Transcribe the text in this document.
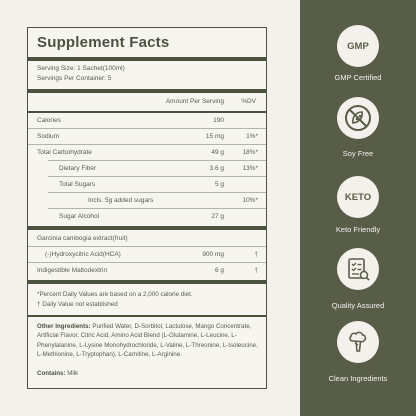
Supplement Facts
Serving Size: 1 Sachet(100ml)
Servings Per Container: 5
Amount Per Serving	%DV
Calories	190
Sodium	15 mg	1%*
Total Carbohydrate	49 g	18%*
Dietary Fiber	3.6 g	13%*
Total Sugars	5 g
Incls. 5g added sugars	10%*
Sugar Alcohol	27 g
Garcinia cambogia extract(fruit)
(-)Hydroxycitric Acid(HCA)	900 mg	†
Indigestible Maltodextrin	6 g	†
*Percent Daily Values are based on a 2,000 calorie diet.
† Daily Value not established
Other Ingredients: Purified Water, D-Sorbitol, Lactulose, Mango Concentrate, Artificial Flavor, Citric Acid, Amino Acid Blend (L-Glutamine, L-Leucine, L-Phenylalanine, L-Lysine Monohydrochloride, L-Valine, L-Threonine, L-Isoleucine, L-Methionine, L-Tryptophan), L-Carnitine, L-Arginine.
Contains: Milk
GMP
GMP Certified
Soy Free
KETO
Keto Friendly
Quality Assured
Clean Ingredients
